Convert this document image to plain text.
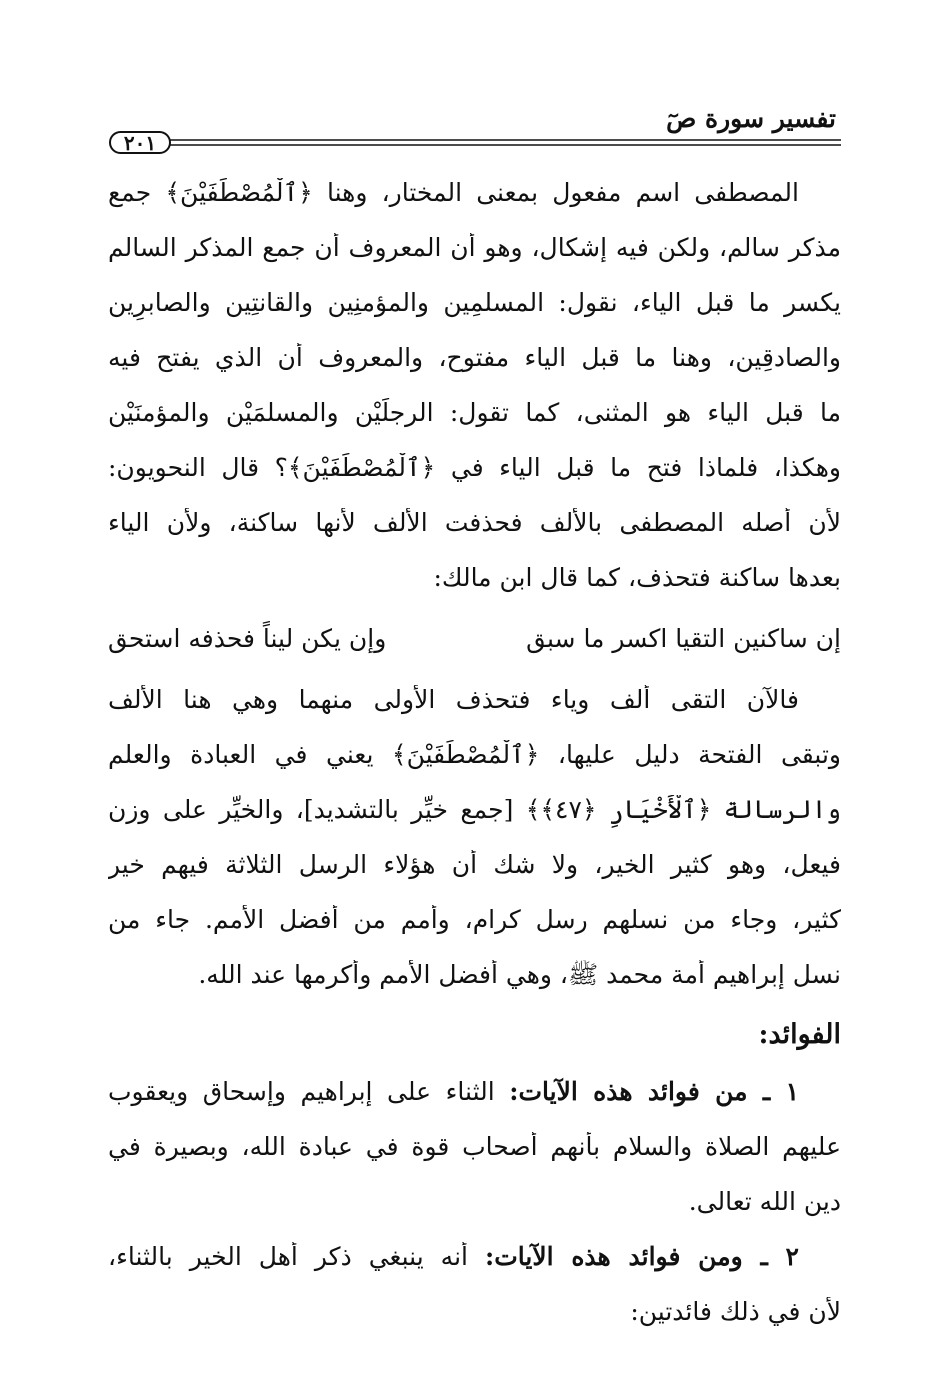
تفسير سورة صٓ
٢٠١
المصطفى اسم مفعول بمعنى المختار، وهنا ﴿ٱلْمُصْطَفَيْنَ﴾ جمع
مذكر سالم، ولكن فيه إشكال، وهو أن المعروف أن جمع المذكر السالم
يكسر ما قبل الياء، نقول: المسلمِين والمؤمنِين والقانتِين والصابرِين
والصادقِين، وهنا ما قبل الياء مفتوح، والمعروف أن الذي يفتح فيه
ما قبل الياء هو المثنى، كما تقول: الرجلَيْن والمسلمَيْن والمؤمنَيْن
وهكذا، فلماذا فتح ما قبل الياء في ﴿ٱلْمُصْطَفَيْنَ﴾؟ قال النحويون:
لأن أصله المصطفى بالألف فحذفت الألف لأنها ساكنة، ولأن الياء
بعدها ساكنة فتحذف، كما قال ابن مالك:
إن ساكنين التقيا اكسر ما سبق
وإن يكن ليناً فحذفه استحق
فالآن التقى ألف وياء فتحذف الأولى منهما وهي هنا الألف
وتبقى الفتحة دليل عليها، ﴿ٱلْمُصْطَفَيْنَ﴾ يعني في العبادة والعلم
والرسالة ﴿ٱلْأَخْيَارِ ﴿٤٧﴾﴾ [جمع خيِّر بالتشديد]، والخيِّر على وزن
فيعل، وهو كثير الخير، ولا شك أن هؤلاء الرسل الثلاثة فيهم خير
كثير، وجاء من نسلهم رسل كرام، وأمم من أفضل الأمم. جاء من
نسل إبراهيم أمة محمد ﷺ، وهي أفضل الأمم وأكرمها عند الله.
الفوائد:
١ ـ من فوائد هذه الآيات: الثناء على إبراهيم وإسحاق ويعقوب
عليهم الصلاة والسلام بأنهم أصحاب قوة في عبادة الله، وبصيرة في
دين الله تعالى.
٢ ـ ومن فوائد هذه الآيات: أنه ينبغي ذكر أهل الخير بالثناء،
لأن في ذلك فائدتين:
